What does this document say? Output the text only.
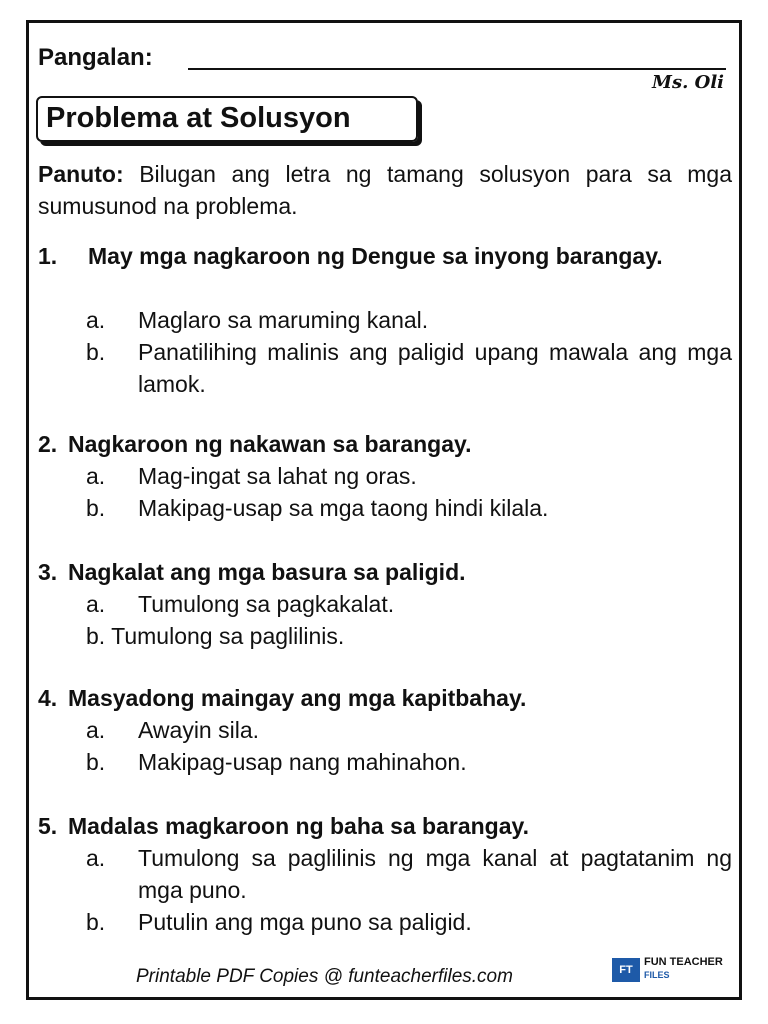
Pangalan:
Ms. Oli
Problema at Solusyon
Panuto: Bilugan ang letra ng tamang solusyon para sa mga sumusunod na problema.
1. May mga nagkaroon ng Dengue sa inyong barangay.
a. Maglaro sa maruming kanal.
b. Panatilihing malinis ang paligid upang mawala ang mga lamok.
2. Nagkaroon ng nakawan sa barangay.
a. Mag-ingat sa lahat ng oras.
b. Makipag-usap sa mga taong hindi kilala.
3. Nagkalat ang mga basura sa paligid.
a. Tumulong sa pagkakalat.
b. Tumulong sa paglilinis.
4. Masyadong maingay ang mga kapitbahay.
a. Awayin sila.
b. Makipag-usap nang mahinahon.
5. Madalas magkaroon ng baha sa barangay.
a. Tumulong sa paglilinis ng mga kanal at pagtatanim ng mga puno.
b. Putulin ang mga puno sa paligid.
Printable PDF Copies @ funteacherfiles.com	FT
FUN TEACHER
FILES
